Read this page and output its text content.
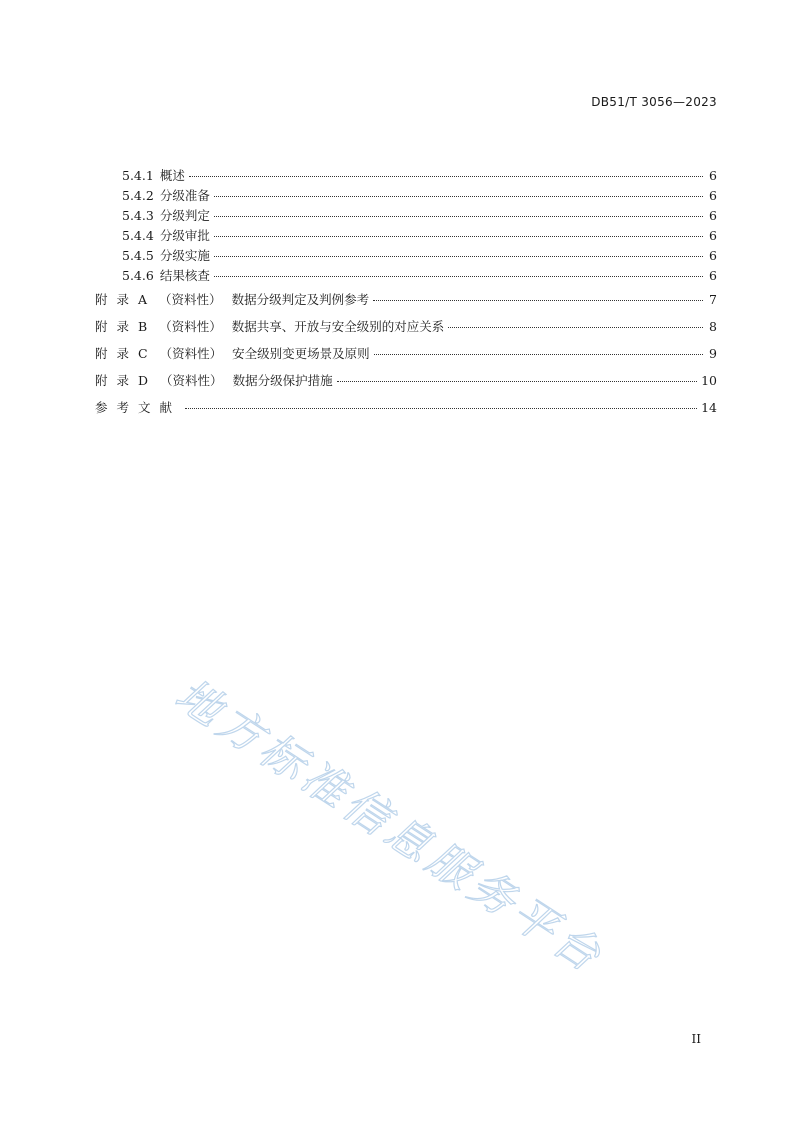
DB51/T 3056—2023
5.4.1 概述	6
5.4.2 分级准备	6
5.4.3 分级判定	6
5.4.4 分级审批	6
5.4.5 分级实施	6
5.4.6 结果核查	6
附录A （资料性） 数据分级判定及判例参考	7
附录B （资料性） 数据共享、开放与安全级别的对应关系	8
附录C （资料性） 安全级别变更场景及原则	9
附录D （资料性） 数据分级保护措施	10
参考文献	14
地方标准信息服务平台
II
